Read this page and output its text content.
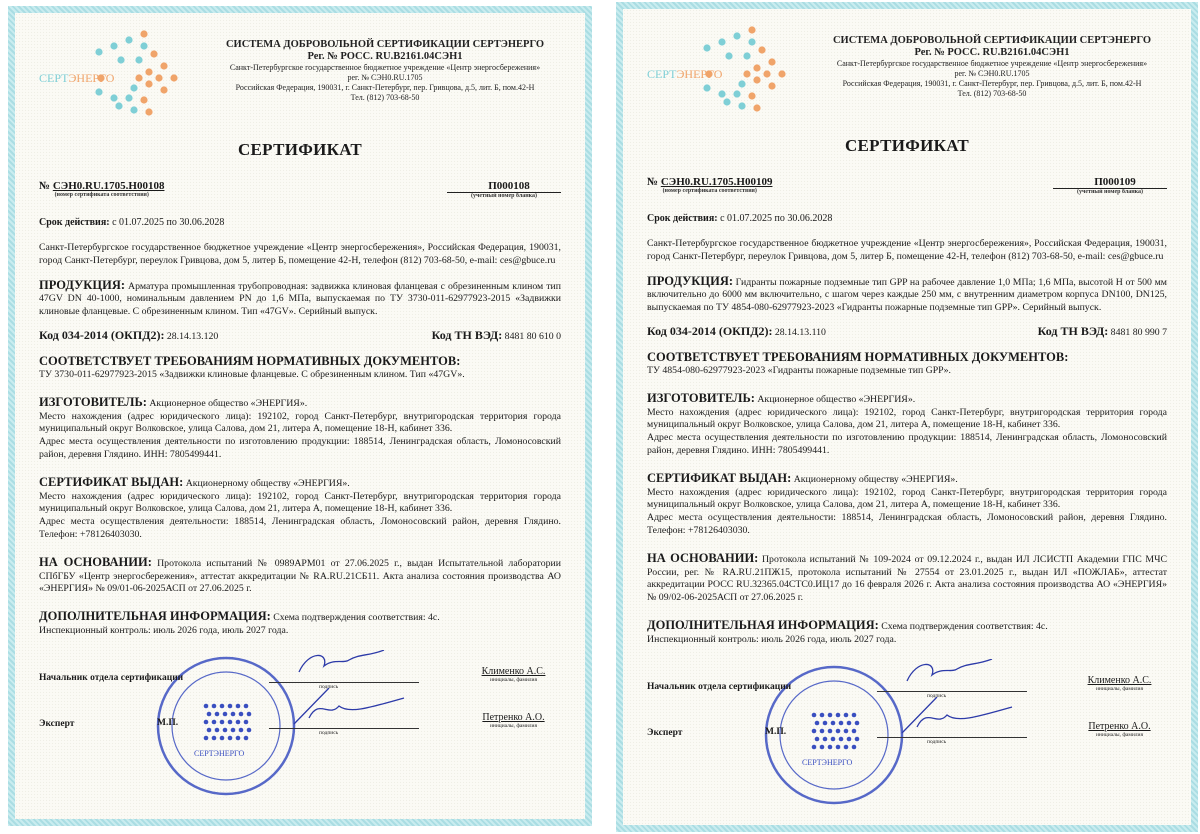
СЕРТЭНЕРГО
СИСТЕМА ДОБРОВОЛЬНОЙ СЕРТИФИКАЦИИ СЕРТЭНЕРГО
Рег. № РОСС. RU.B2161.04СЭН1
Санкт-Петербургское государственное бюджетное учреждение «Центр энергосбережения»
рег. № СЭН0.RU.1705
Российская Федерация, 190031, г. Санкт-Петербург, пер. Гривцова, д.5, лит. Б, пом.42-Н
Тел. (812) 703-68-50
СЕРТИФИКАТ
№ СЭН0.RU.1705.Н00108
(номер сертификата соответствия)
П000108
(учетный номер бланка)
Срок действия: с 01.07.2025 по 30.06.2028

Санкт-Петербургское государственное бюджетное учреждение «Центр энергосбережения», Российская Федерация, 190031, город Санкт-Петербург, переулок Гривцова, дом 5, литер Б, помещение 42-Н, телефон (812) 703-68-50, e-mail: ces@gbuce.ru

ПРОДУКЦИЯ: Арматура промышленная трубопроводная: задвижка клиновая фланцевая с обрезиненным клином тип 47GV DN 40-1000, номинальным давлением PN до 1,6 МПа, выпускаемая по ТУ 3730-011-62977923-2015 «Задвижки клиновые фланцевые. С обрезиненным клином. Тип «47GV». Серийный выпуск.

Код 034-2014 (ОКПД2): 28.14.13.120	Код ТН ВЭД: 8481 80 610 0
СООТВЕТСТВУЕТ ТРЕБОВАНИЯМ НОРМАТИВНЫХ ДОКУМЕНТОВ:

ТУ 3730-011-62977923-2015 «Задвижки клиновые фланцевые. С обрезиненным клином. Тип «47GV».

ИЗГОТОВИТЕЛЬ: Акционерное общество «ЭНЕРГИЯ».

Место нахождения (адрес юридического лица): 192102, город Санкт-Петербург, внутригородская территория города муниципальный округ Волковское, улица Салова, дом 21, литера А, помещение 18-Н, кабинет 336.

Адрес места осуществления деятельности по изготовлению продукции: 188514, Ленинградская область, Ломоносовский район, деревня Глядино. ИНН: 7805499441.

СЕРТИФИКАТ ВЫДАН: Акционерному обществу «ЭНЕРГИЯ».

Место нахождения (адрес юридического лица): 192102, город Санкт-Петербург, внутригородская территория города муниципальный округ Волковское, улица Салова, дом 21, литера А, помещение 18-Н, кабинет 336.

Адрес места осуществления деятельности: 188514, Ленинградская область, Ломоносовский район, деревня Глядино. Телефон: +78126403030.

НА ОСНОВАНИИ: Протокола испытаний № 0989АРМ01 от 27.06.2025 г., выдан Испытательной лаборатории СПбГБУ «Центр энергосбережения», аттестат аккредитации № RA.RU.21СБ11. Акта анализа состояния производства АО «ЭНЕРГИЯ» № 09/01-06-2025АСП от 27.06.2025 г.

ДОПОЛНИТЕЛЬНАЯ ИНФОРМАЦИЯ: Схема подтверждения соответствия: 4с.

Инспекционный контроль: июль 2026 года, июль 2027 года.

СЕРТЭНЕРГО
Начальник отдела сертификации
подпись
Клименко А.С.
инициалы, фамилия
Эксперт
подпись
Петренко А.О.
инициалы, фамилия
М.П.
СЕРТЭНЕРГО
СИСТЕМА ДОБРОВОЛЬНОЙ СЕРТИФИКАЦИИ СЕРТЭНЕРГО
Рег. № РОСС. RU.B2161.04СЭН1
Санкт-Петербургское государственное бюджетное учреждение «Центр энергосбережения»
рег. № СЭН0.RU.1705
Российская Федерация, 190031, г. Санкт-Петербург, пер. Гривцова, д.5, лит. Б, пом.42-Н
Тел. (812) 703-68-50
СЕРТИФИКАТ
№ СЭН0.RU.1705.Н00109
(номер сертификата соответствия)
П000109
(учетный номер бланка)
Срок действия: с 01.07.2025 по 30.06.2028

Санкт-Петербургское государственное бюджетное учреждение «Центр энергосбережения», Российская Федерация, 190031, город Санкт-Петербург, переулок Гривцова, дом 5, литер Б, помещение 42-Н, телефон (812) 703-68-50, e-mail: ces@gbuce.ru

ПРОДУКЦИЯ: Гидранты пожарные подземные тип GPP на рабочее давление 1,0 МПа; 1,6 МПа, высотой Н от 500 мм включительно до 6000 мм включительно, с шагом через каждые 250 мм, с внутренним диаметром корпуса DN100, DN125, выпускаемая по ТУ 4854-080-62977923-2023 «Гидранты пожарные подземные тип GPP». Серийный выпуск.

Код 034-2014 (ОКПД2): 28.14.13.110	Код ТН ВЭД: 8481 80 990 7
СООТВЕТСТВУЕТ ТРЕБОВАНИЯМ НОРМАТИВНЫХ ДОКУМЕНТОВ:

ТУ 4854-080-62977923-2023 «Гидранты пожарные подземные тип GPP».

ИЗГОТОВИТЕЛЬ: Акционерное общество «ЭНЕРГИЯ».

Место нахождения (адрес юридического лица): 192102, город Санкт-Петербург, внутригородская территория города муниципальный округ Волковское, улица Салова, дом 21, литера А, помещение 18-Н, кабинет 336.

Адрес места осуществления деятельности по изготовлению продукции: 188514, Ленинградская область, Ломоносовский район, деревня Глядино. ИНН: 7805499441.

СЕРТИФИКАТ ВЫДАН: Акционерному обществу «ЭНЕРГИЯ».

Место нахождения (адрес юридического лица): 192102, город Санкт-Петербург, внутригородская территория города муниципальный округ Волковское, улица Салова, дом 21, литера А, помещение 18-Н, кабинет 336.

Адрес места осуществления деятельности: 188514, Ленинградская область, Ломоносовский район, деревня Глядино. Телефон: +78126403030.

НА ОСНОВАНИИ: Протокола испытаний № 109-2024 от 09.12.2024 г., выдан ИЛ ЛСИСТП Академии ГПС МЧС России, рег. № RA.RU.21ПЖ15, протокола испытаний № 27554 от 23.01.2025 г., выдан ИЛ «ПОЖЛАБ», аттестат аккредитации РОСС RU.32365.04СТС0.ИЦ17 до 16 февраля 2026 г. Акта анализа состояния производства АО «ЭНЕРГИЯ» № 09/02-06-2025АСП от 27.06.2025 г.

ДОПОЛНИТЕЛЬНАЯ ИНФОРМАЦИЯ: Схема подтверждения соответствия: 4с.

Инспекционный контроль: июль 2026 года, июль 2027 года.

СЕРТЭНЕРГО
Начальник отдела сертификации
подпись
Клименко А.С.
инициалы, фамилия
Эксперт
подпись
Петренко А.О.
инициалы, фамилия
М.П.
